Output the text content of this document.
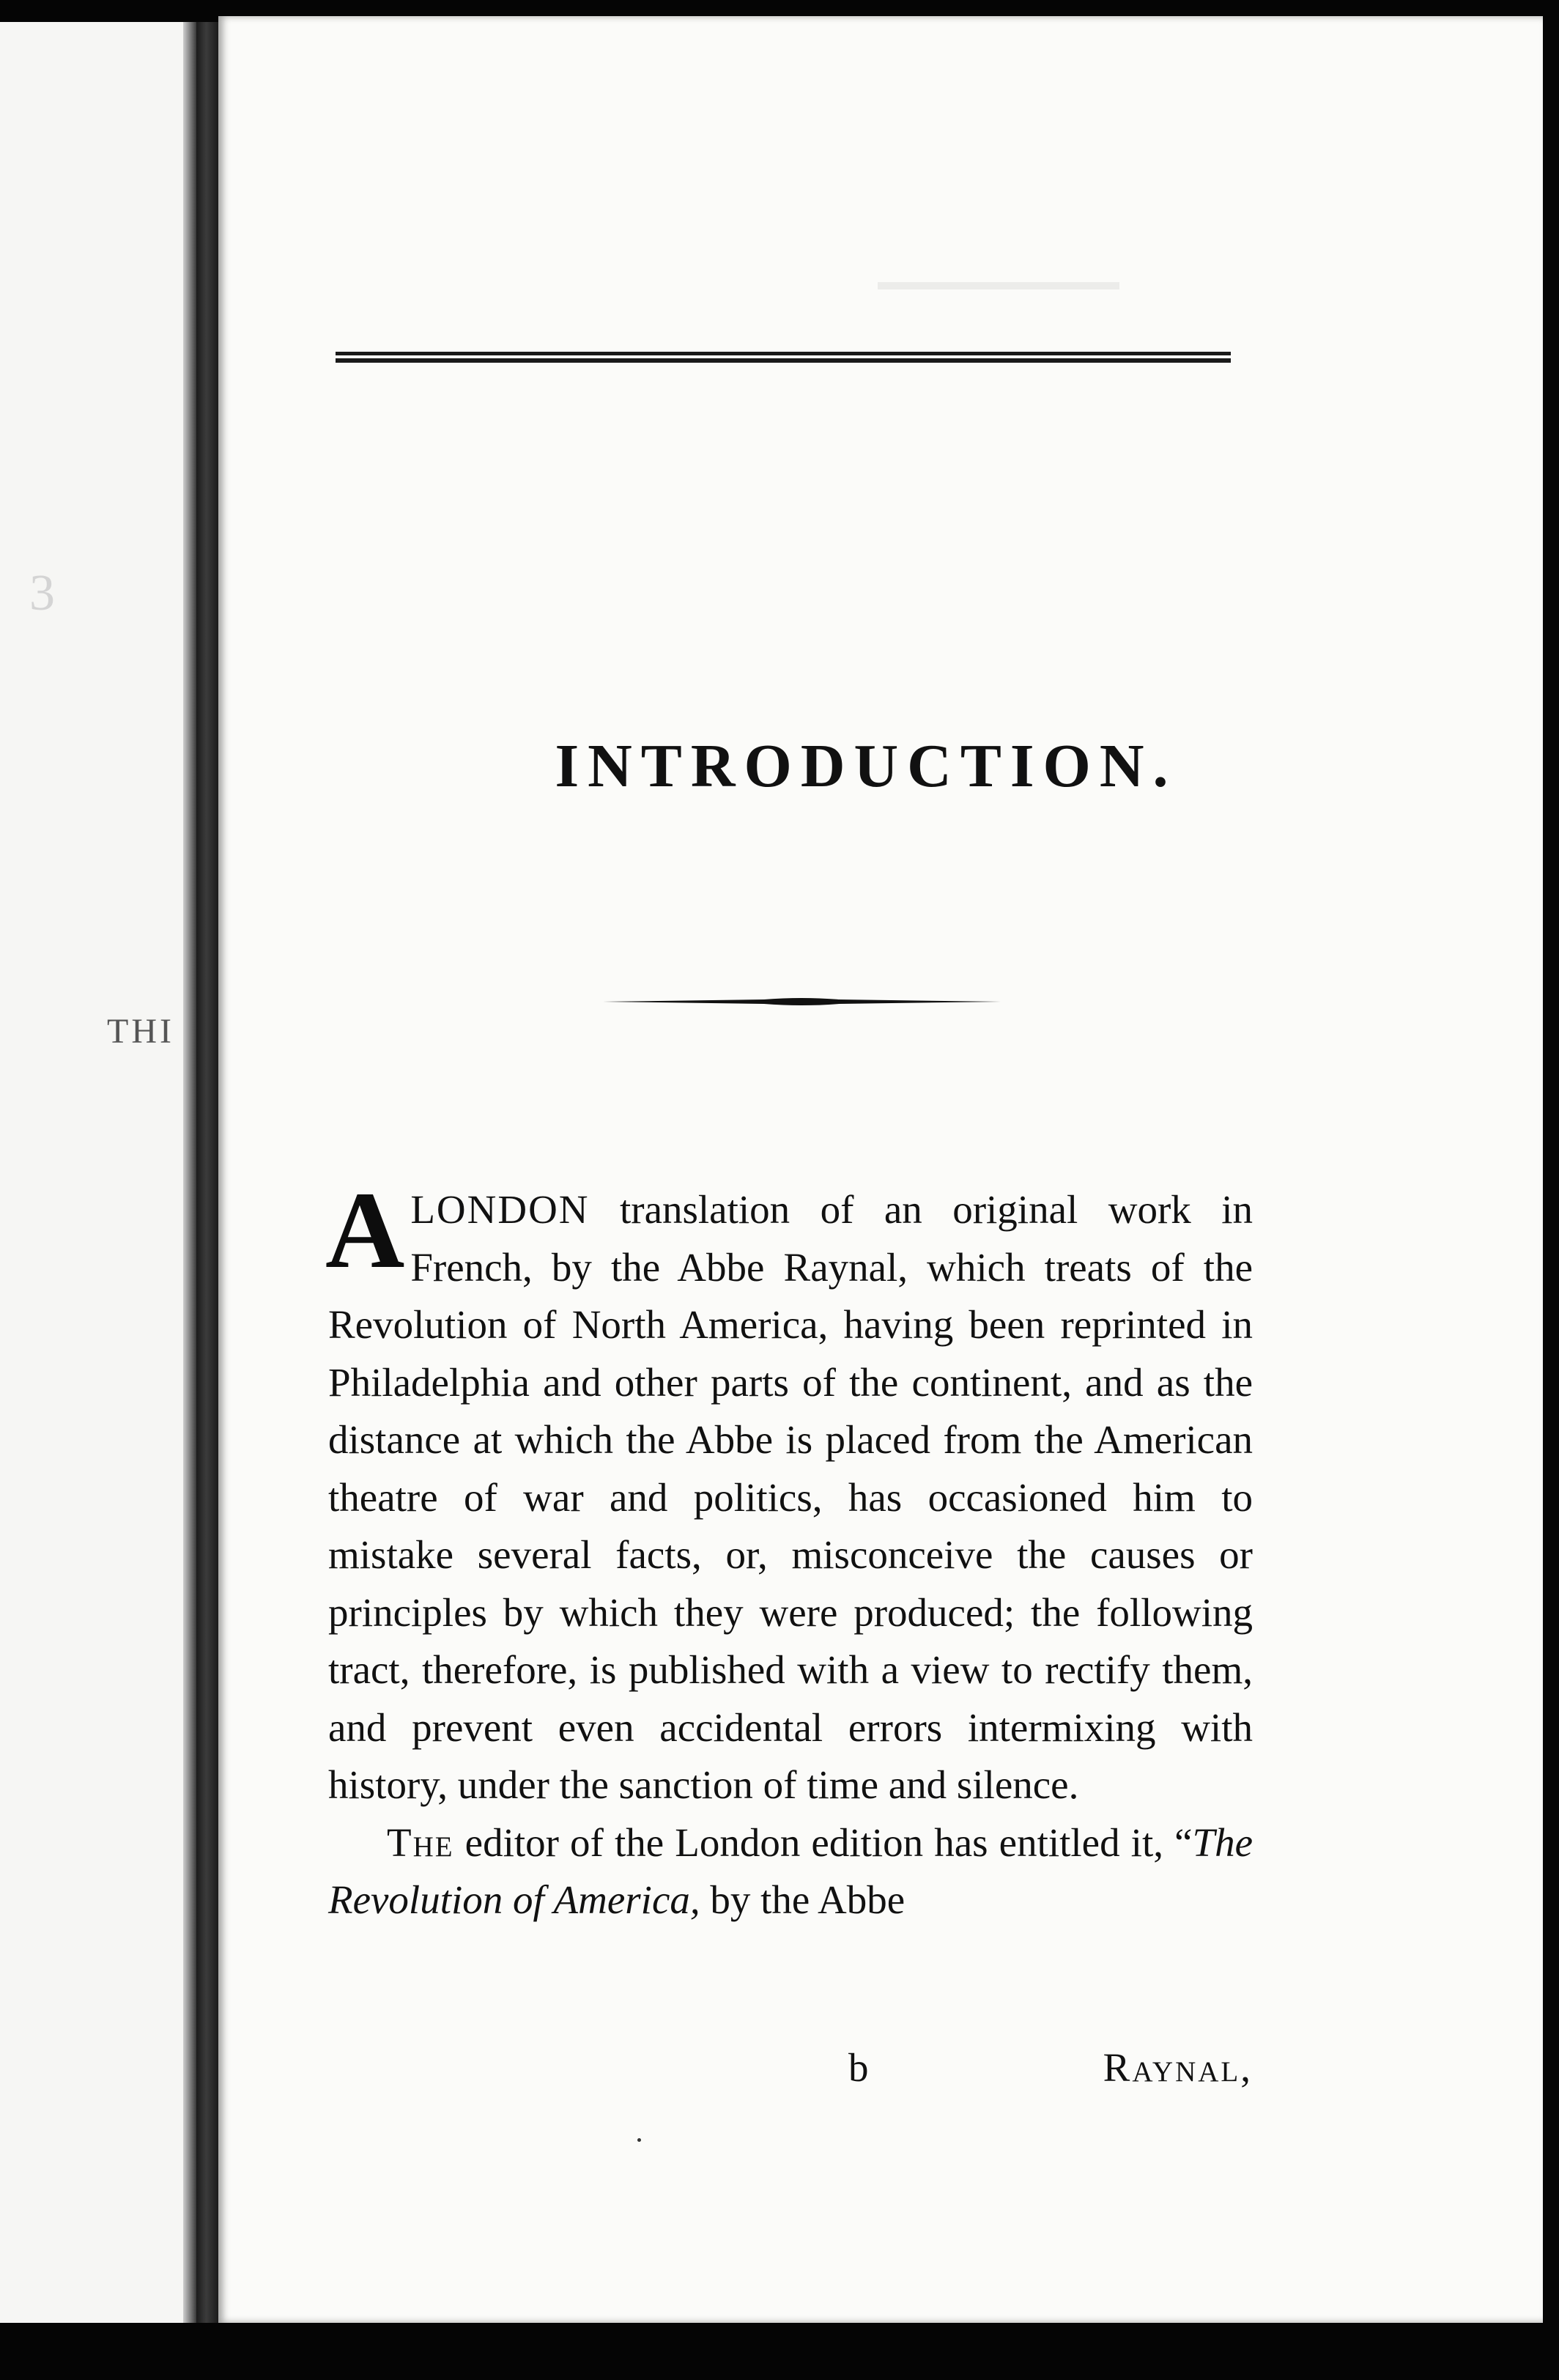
3
THI
INTRODUCTION.

ALONDON translation of an original work in French, by the Abbe Raynal, which treats of the Revolution of North America, having been reprinted in Philadelphia and other parts of the continent, and as the distance at which the Abbe is placed from the American theatre of war and politics, has occasioned him to mistake several facts, or, misconceive the causes or principles by which they were produced; the following tract, therefore, is published with a view to rectify them, and prevent even accidental errors intermixing with history, under the sanction of time and silence.

The editor of the London edition has entitled it, “The Revolution of America, by the Abbe

b	Raynal,
